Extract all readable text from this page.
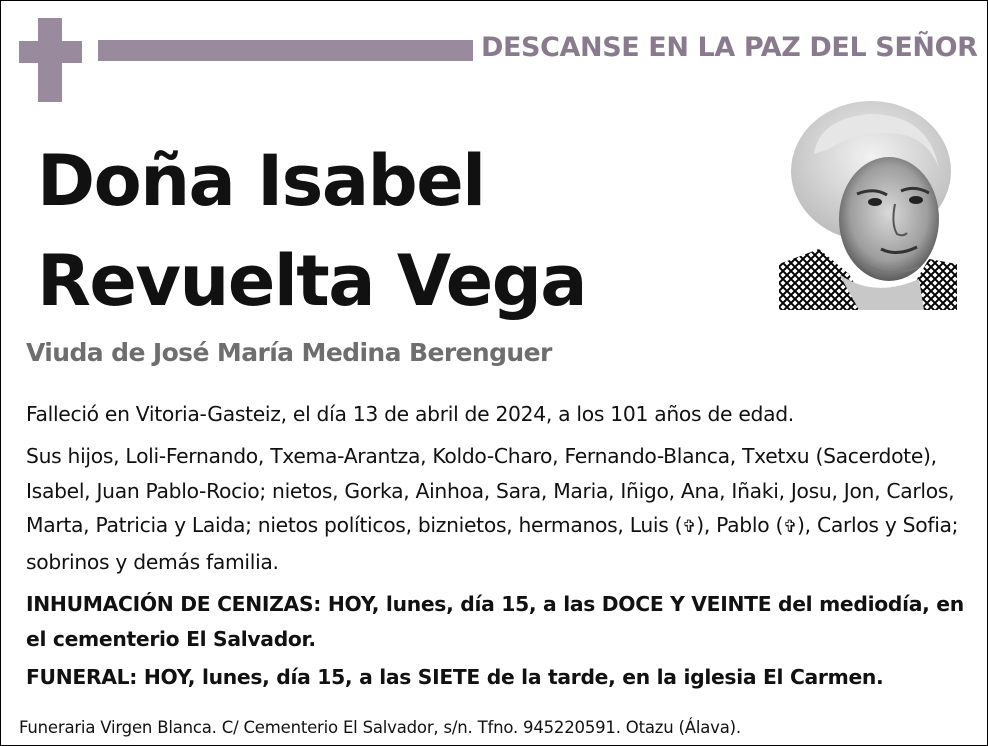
DESCANSE EN LA PAZ DEL SEÑOR
Doña Isabel
Revuelta Vega
Viuda de José María Medina Berenguer
Falleció en Vitoria-Gasteiz, el día 13 de abril de 2024, a los 101 años de edad.
Sus hijos, Loli-Fernando, Txema-Arantza, Koldo-Charo, Fernando-Blanca, Txetxu (Sacerdote), Isabel, Juan Pablo-Rocio; nietos, Gorka, Ainhoa, Sara, Maria, Iñigo, Ana, Iñaki, Josu, Jon, Carlos, Marta, Patricia y Laida; nietos políticos, biznietos, hermanos, Luis (✞), Pablo (✞), Carlos y Sofia; sobrinos y demás familia.
INHUMACIÓN DE CENIZAS: HOY, lunes, día 15, a las DOCE Y VEINTE del mediodía, en el cementerio El Salvador.
FUNERAL: HOY, lunes, día 15, a las SIETE de la tarde, en la iglesia El Carmen.
Funeraria Virgen Blanca. C/ Cementerio El Salvador, s/n. Tfno. 945220591. Otazu (Álava).
